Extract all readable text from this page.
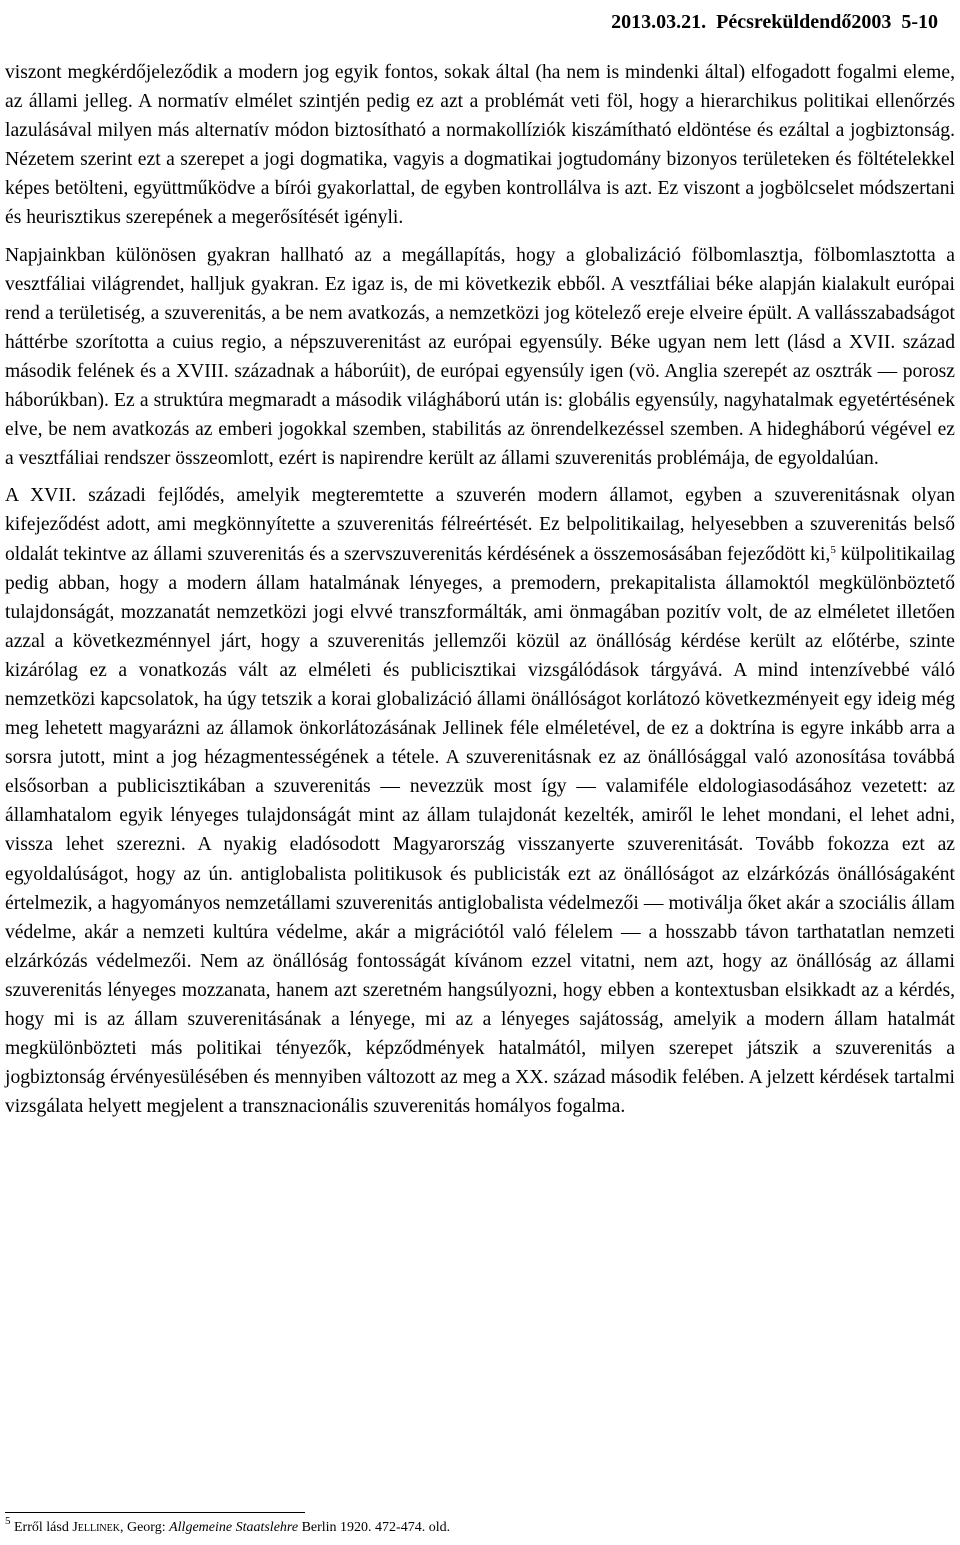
2013.03.21. Pécsreküldendő2003 5-10

viszont megkérdőjeleződik a modern jog egyik fontos, sokak által (ha nem is mindenki által) elfogadott fogalmi eleme, az állami jelleg. A normatív elmélet szintjén pedig ez azt a problémát veti föl, hogy a hierarchikus politikai ellenőrzés lazulásával milyen más alternatív módon biztosítható a normakollíziók kiszámítható eldöntése és ezáltal a jogbiztonság. Nézetem szerint ezt a szerepet a jogi dogmatika, vagyis a dogmatikai jogtudomány bizonyos területeken és föltételekkel képes betölteni, együttműködve a bírói gyakorlattal, de egyben kontrollálva is azt. Ez viszont a jogbölcselet módszertani és heurisztikus szerepének a megerősítését igényli.

Napjainkban különösen gyakran hallható az a megállapítás, hogy a globalizáció fölbomlasztja, fölbomlasztotta a vesztfáliai világrendet, halljuk gyakran. Ez igaz is, de mi következik ebből. A vesztfáliai béke alapján kialakult európai rend a területiség, a szuverenitás, a be nem avatkozás, a nemzetközi jog kötelező ereje elveire épült. A vallásszabadságot háttérbe szorította a cuius regio, a népszuverenitást az európai egyensúly. Béke ugyan nem lett (lásd a XVII. század második felének és a XVIII. századnak a háborúit), de európai egyensúly igen (vö. Anglia szerepét az osztrák — porosz háborúkban). Ez a struktúra megmaradt a második világháború után is: globális egyensúly, nagyhatalmak egyetértésének elve, be nem avatkozás az emberi jogokkal szemben, stabilitás az önrendelkezéssel szemben. A hidegháború végével ez a vesztfáliai rendszer összeomlott, ezért is napirendre került az állami szuverenitás problémája, de egyoldalúan.

A XVII. századi fejlődés, amelyik megteremtette a szuverén modern államot, egyben a szuverenitásnak olyan kifejeződést adott, ami megkönnyítette a szuverenitás félreértését. Ez belpolitikailag, helyesebben a szuverenitás belső oldalát tekintve az állami szuverenitás és a szervszuverenitás kérdésének a összemosásában fejeződött ki,$^5$ külpolitikailag pedig abban, hogy a modern állam hatalmának lényeges, a premodern, prekapitalista államoktól megkülönböztető tulajdonságát, mozzanatát nemzetközi jogi elvvé transzformálták, ami önmagában pozitív volt, de az elméletet illetően azzal a következménnyel járt, hogy a szuverenitás jellemzői közül az önállóság kérdése került az előtérbe, szinte kizárólag ez a vonatkozás vált az elméleti és publicisztikai vizsgálódások tárgyává. A mind intenzívebbé váló nemzetközi kapcsolatok, ha úgy tetszik a korai globalizáció állami önállóságot korlátozó következményeit egy ideig még meg lehetett magyarázni az államok önkorlátozásának Jellinek féle elméletével, de ez a doktrína is egyre inkább arra a sorsra jutott, mint a jog hézagmentességének a tétele. A szuverenitásnak ez az önállósággal való azonosítása továbbá elsősorban a publicisztikában a szuverenitás — nevezzük most így — valamiféle eldologiasodásához vezetett: az államhatalom egyik lényeges tulajdonságát mint az állam tulajdonát kezelték, amiről le lehet mondani, el lehet adni, vissza lehet szerezni. A nyakig eladósodott Magyarország visszanyerte szuverenitását. Tovább fokozza ezt az egyoldalúságot, hogy az ún. antiglobalista politikusok és publicisták ezt az önállóságot az elzárkózás önállóságaként értelmezik, a hagyományos nemzetállami szuverenitás antiglobalista védelmezői — motiválja őket akár a szociális állam védelme, akár a nemzeti kultúra védelme, akár a migrációtól való félelem — a hosszabb távon tarthatatlan nemzeti elzárkózás védelmezői. Nem az önállóság fontosságát kívánom ezzel vitatni, nem azt, hogy az önállóság az állami szuverenitás lényeges mozzanata, hanem azt szeretném hangsúlyozni, hogy ebben a kontextusban elsikkadt az a kérdés, hogy mi is az állam szuverenitásának a lényege, mi az a lényeges sajátosság, amelyik a modern állam hatalmát megkülönbözteti más politikai tényezők, képződmények hatalmától, milyen szerepet játszik a szuverenitás a jogbiztonság érvényesülésében és mennyiben változott az meg a XX. század második felében. A jelzett kérdések tartalmi vizsgálata helyett megjelent a transznacionális szuverenitás homályos fogalma.

$^5$ Erről lásd Jellinek, Georg: Allgemeine Staatslehre Berlin 1920. 472-474. old.
